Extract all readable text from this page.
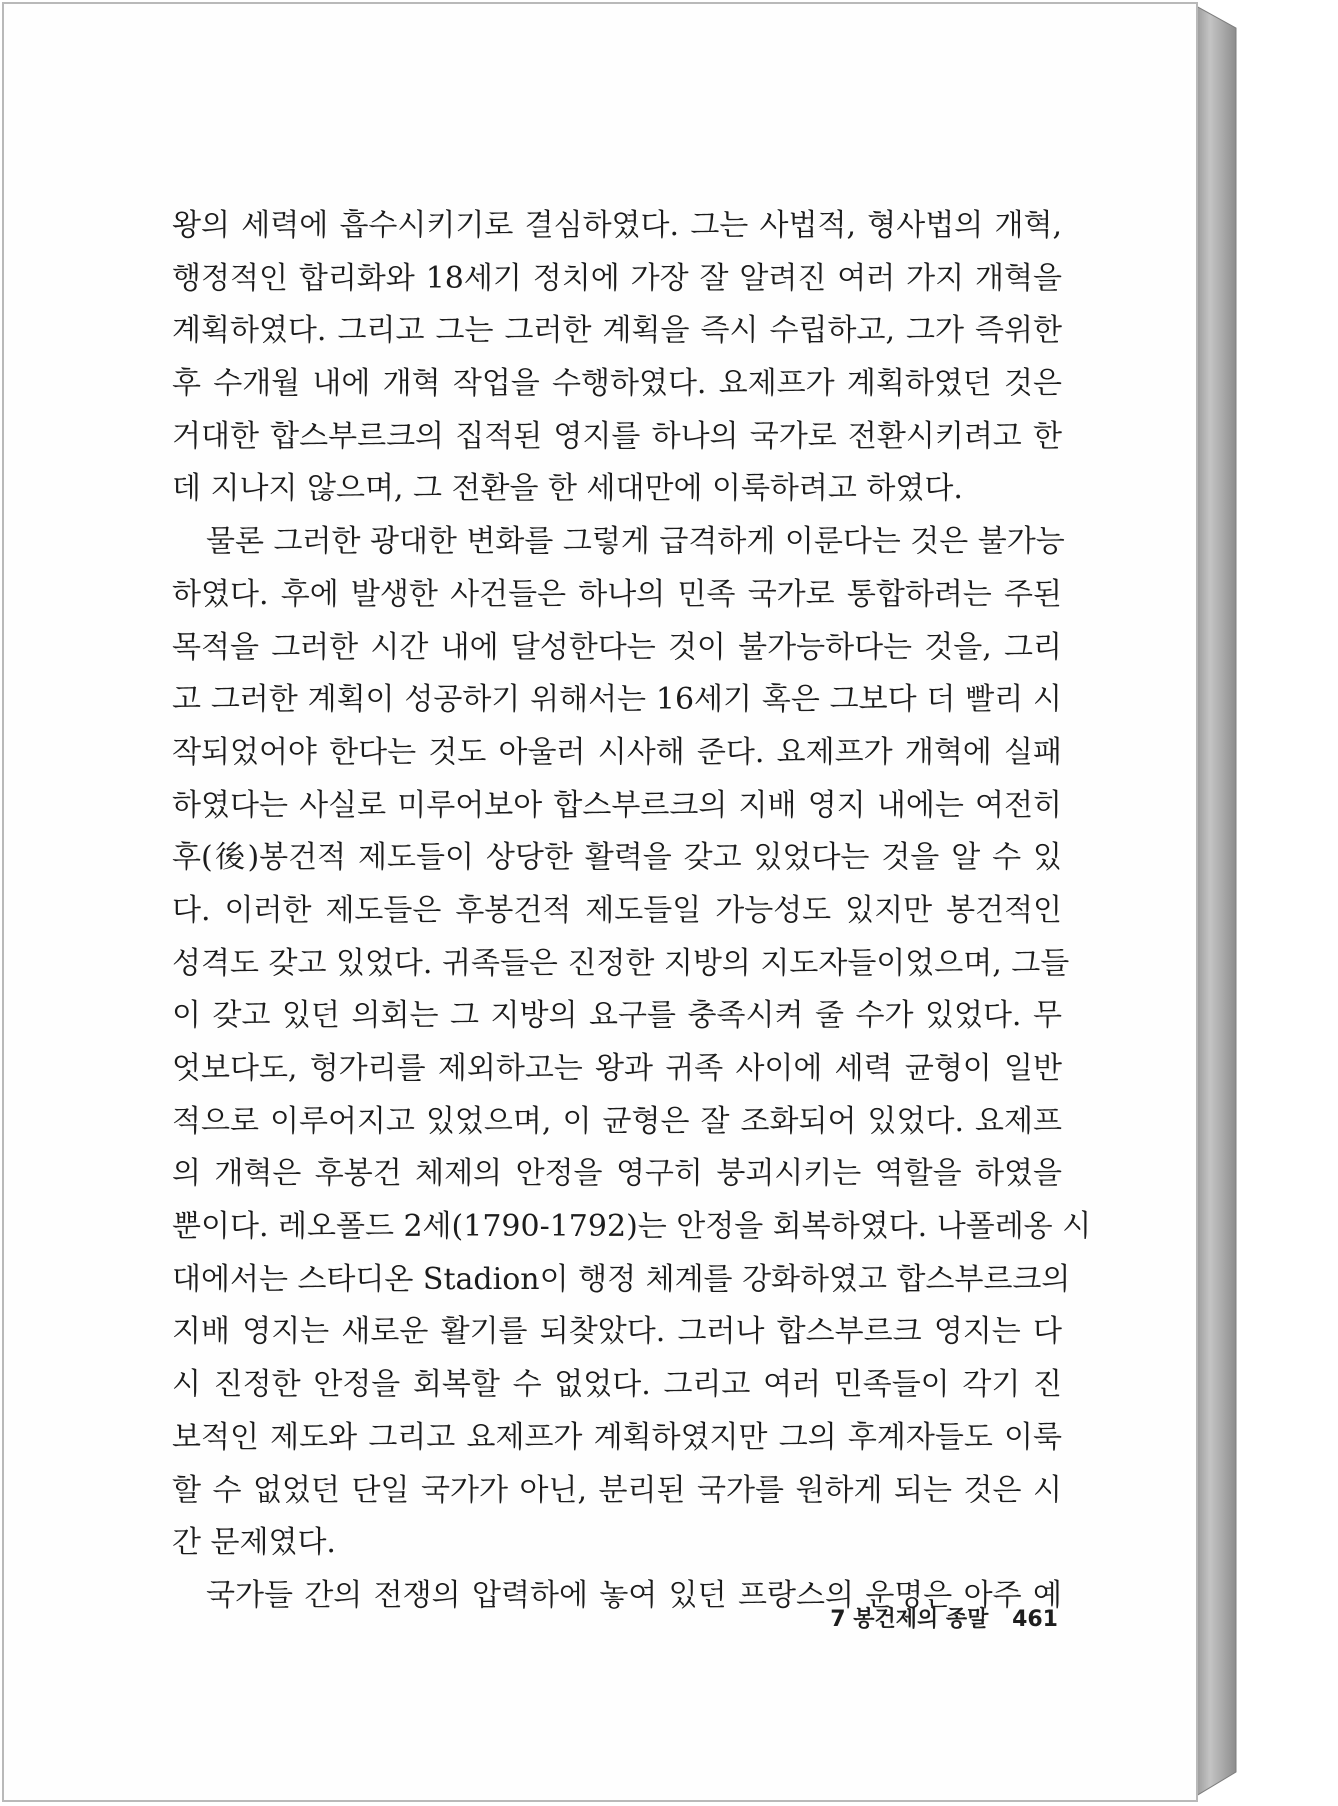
왕의 세력에 흡수시키기로 결심하였다. 그는 사법적, 형사법의 개혁,
행정적인 합리화와 18세기 정치에 가장 잘 알려진 여러 가지 개혁을
계획하였다. 그리고 그는 그러한 계획을 즉시 수립하고, 그가 즉위한
후 수개월 내에 개혁 작업을 수행하였다. 요제프가 계획하였던 것은
거대한 합스부르크의 집적된 영지를 하나의 국가로 전환시키려고 한
데 지나지 않으며, 그 전환을 한 세대만에 이룩하려고 하였다.
물론 그러한 광대한 변화를 그렇게 급격하게 이룬다는 것은 불가능
하였다. 후에 발생한 사건들은 하나의 민족 국가로 통합하려는 주된
목적을 그러한 시간 내에 달성한다는 것이 불가능하다는 것을, 그리
고 그러한 계획이 성공하기 위해서는 16세기 혹은 그보다 더 빨리 시
작되었어야 한다는 것도 아울러 시사해 준다. 요제프가 개혁에 실패
하였다는 사실로 미루어보아 합스부르크의 지배 영지 내에는 여전히
후(後)봉건적 제도들이 상당한 활력을 갖고 있었다는 것을 알 수 있
다. 이러한 제도들은 후봉건적 제도들일 가능성도 있지만 봉건적인
성격도 갖고 있었다. 귀족들은 진정한 지방의 지도자들이었으며, 그들
이 갖고 있던 의회는 그 지방의 요구를 충족시켜 줄 수가 있었다. 무
엇보다도, 헝가리를 제외하고는 왕과 귀족 사이에 세력 균형이 일반
적으로 이루어지고 있었으며, 이 균형은 잘 조화되어 있었다. 요제프
의 개혁은 후봉건 체제의 안정을 영구히 붕괴시키는 역할을 하였을
뿐이다. 레오폴드 2세(1790-1792)는 안정을 회복하였다. 나폴레옹 시
대에서는 스타디온 Stadion이 행정 체계를 강화하였고 합스부르크의
지배 영지는 새로운 활기를 되찾았다. 그러나 합스부르크 영지는 다
시 진정한 안정을 회복할 수 없었다. 그리고 여러 민족들이 각기 진
보적인 제도와 그리고 요제프가 계획하였지만 그의 후계자들도 이룩
할 수 없었던 단일 국가가 아닌, 분리된 국가를 원하게 되는 것은 시
간 문제였다.
국가들 간의 전쟁의 압력하에 놓여 있던 프랑스의 운명은 아주 예
7 봉건제의 종말 461
